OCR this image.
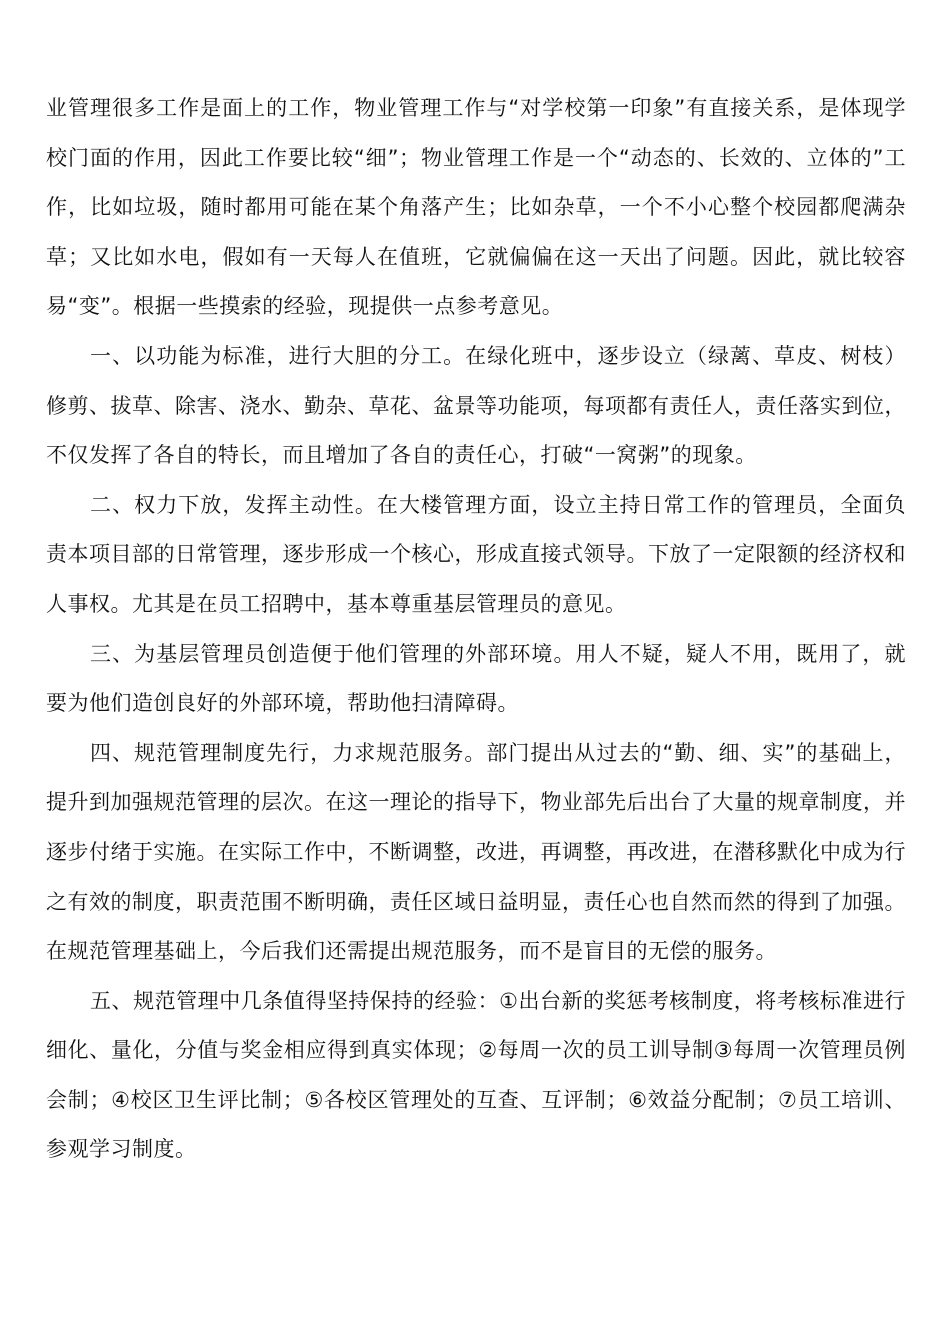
业管理很多工作是面上的工作，物业管理工作与“对学校第一印象”有直接关系，是体现学校门面的作用，因此工作要比较“细”；物业管理工作是一个“动态的、长效的、立体的”工作，比如垃圾，随时都用可能在某个角落产生；比如杂草，一个不小心整个校园都爬满杂草；又比如水电，假如有一天每人在值班，它就偏偏在这一天出了问题。因此，就比较容易“变”。根据一些摸索的经验，现提供一点参考意见。

一、以功能为标准，进行大胆的分工。在绿化班中，逐步设立（绿蓠、草皮、树枝）修剪、拔草、除害、浇水、勤杂、草花、盆景等功能项，每项都有责任人，责任落实到位，不仅发挥了各自的特长，而且增加了各自的责任心，打破“一窝粥”的现象。

二、权力下放，发挥主动性。在大楼管理方面，设立主持日常工作的管理员，全面负责本项目部的日常管理，逐步形成一个核心，形成直接式领导。下放了一定限额的经济权和人事权。尤其是在员工招聘中，基本尊重基层管理员的意见。

三、为基层管理员创造便于他们管理的外部环境。用人不疑，疑人不用，既用了，就要为他们造创良好的外部环境，帮助他扫清障碍。

四、规范管理制度先行，力求规范服务。部门提出从过去的“勤、细、实”的基础上，提升到加强规范管理的层次。在这一理论的指导下，物业部先后出台了大量的规章制度，并逐步付绪于实施。在实际工作中，不断调整，改进，再调整，再改进，在潜移默化中成为行之有效的制度，职责范围不断明确，责任区域日益明显，责任心也自然而然的得到了加强。在规范管理基础上，今后我们还需提出规范服务，而不是盲目的无偿的服务。

五、规范管理中几条值得坚持保持的经验：①出台新的奖惩考核制度，将考核标准进行细化、量化，分值与奖金相应得到真实体现；②每周一次的员工训导制③每周一次管理员例会制；④校区卫生评比制；⑤各校区管理处的互查、互评制；⑥效益分配制；⑦员工培训、参观学习制度。
